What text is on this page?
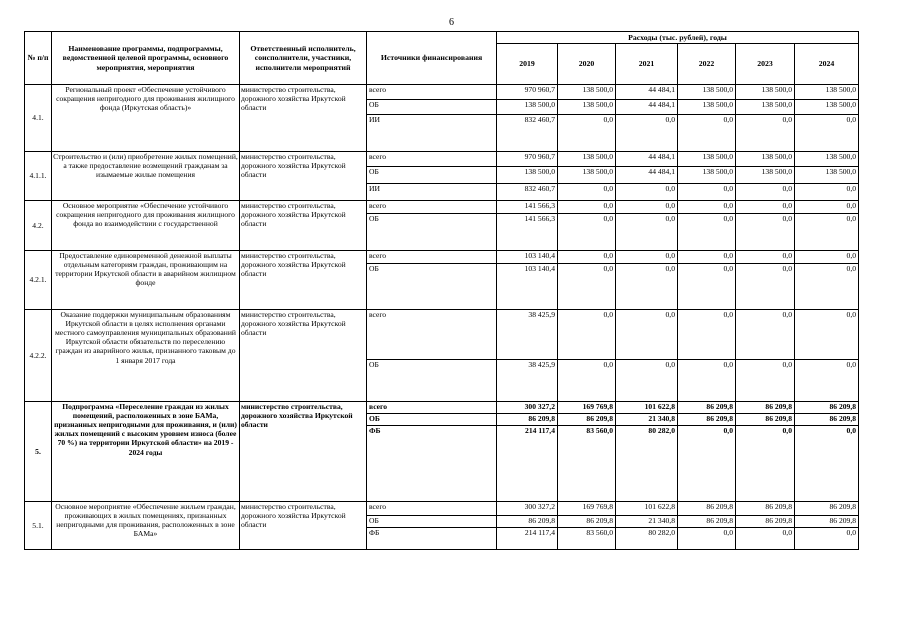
6
№ п/п	Наименование программы, подпрограммы, ведомственной целевой программы, основного мероприятия, мероприятия	Ответственный исполнитель, соисполнители, участники, исполнители мероприятий	Источники финансирования	Расходы (тыс. рублей), годы					
				2019	2020	2021	2022	2023	2024
4.1.	Региональный проект «Обеспечение устойчивого сокращения непригодного для проживания жилищного фонда (Иркутская область)»	министерство строительства, дорожного хозяйства Иркутской области	всего	970 960,7	138 500,0	44 484,1	138 500,0	138 500,0	138 500,0
			ОБ	138 500,0	138 500,0	44 484,1	138 500,0	138 500,0	138 500,0
			ИИ	832 460,7	0,0	0,0	0,0	0,0	0,0
4.1.1.	Строительство и (или) приобретение жилых помещений, а также предоставление возмещений гражданам за изымаемые жилые помещения	министерство строительства, дорожного хозяйства Иркутской области	всего	970 960,7	138 500,0	44 484,1	138 500,0	138 500,0	138 500,0
			ОБ	138 500,0	138 500,0	44 484,1	138 500,0	138 500,0	138 500,0
			ИИ	832 460,7	0,0	0,0	0,0	0,0	0,0
4.2.	Основное мероприятие «Обеспечение устойчивого сокращения непригодного для проживания жилищного фонда во взаимодействии с государственной	министерство строительства, дорожного хозяйства Иркутской области	всего	141 566,3	0,0	0,0	0,0	0,0	0,0
			ОБ	141 566,3	0,0	0,0	0,0	0,0	0,0
4.2.1.	Предоставление единовременной денежной выплаты отдельным категориям граждан, проживающим на территории Иркутской области в аварийном жилищном фонде	министерство строительства, дорожного хозяйства Иркутской области	всего	103 140,4	0,0	0,0	0,0	0,0	0,0
			ОБ	103 140,4	0,0	0,0	0,0	0,0	0,0
4.2.2.	Оказание поддержки муниципальным образованиям Иркутской области в целях исполнения органами местного самоуправления муниципальных образований Иркутской области обязательств по переселению граждан из аварийного жилья, признанного таковым до 1 января 2017 года	министерство строительства, дорожного хозяйства Иркутской области	всего	38 425,9	0,0	0,0	0,0	0,0	0,0
			ОБ	38 425,9	0,0	0,0	0,0	0,0	0,0
5.	Подпрограмма «Переселение граждан из жилых помещений, расположенных в зоне БАМа, признанных непригодными для проживания, и (или) жилых помещений с высоким уровнем износа (более 70 %) на территории Иркутской области» на 2019 - 2024 годы	министерство строительства, дорожного хозяйства Иркутской области	всего	300 327,2	169 769,8	101 622,8	86 209,8	86 209,8	86 209,8
			ОБ	86 209,8	86 209,8	21 340,8	86 209,8	86 209,8	86 209,8
			ФБ	214 117,4	83 560,0	80 282,0	0,0	0,0	0,0
5.1.	Основное мероприятие «Обеспечение жильем граждан, проживающих в жилых помещениях, признанных непригодными для проживания, расположенных в зоне БАМа»	министерство строительства, дорожного хозяйства Иркутской области	всего	300 327,2	169 769,8	101 622,8	86 209,8	86 209,8	86 209,8
			ОБ	86 209,8	86 209,8	21 340,8	86 209,8	86 209,8	86 209,8
			ФБ	214 117,4	83 560,0	80 282,0	0,0	0,0	0,0
